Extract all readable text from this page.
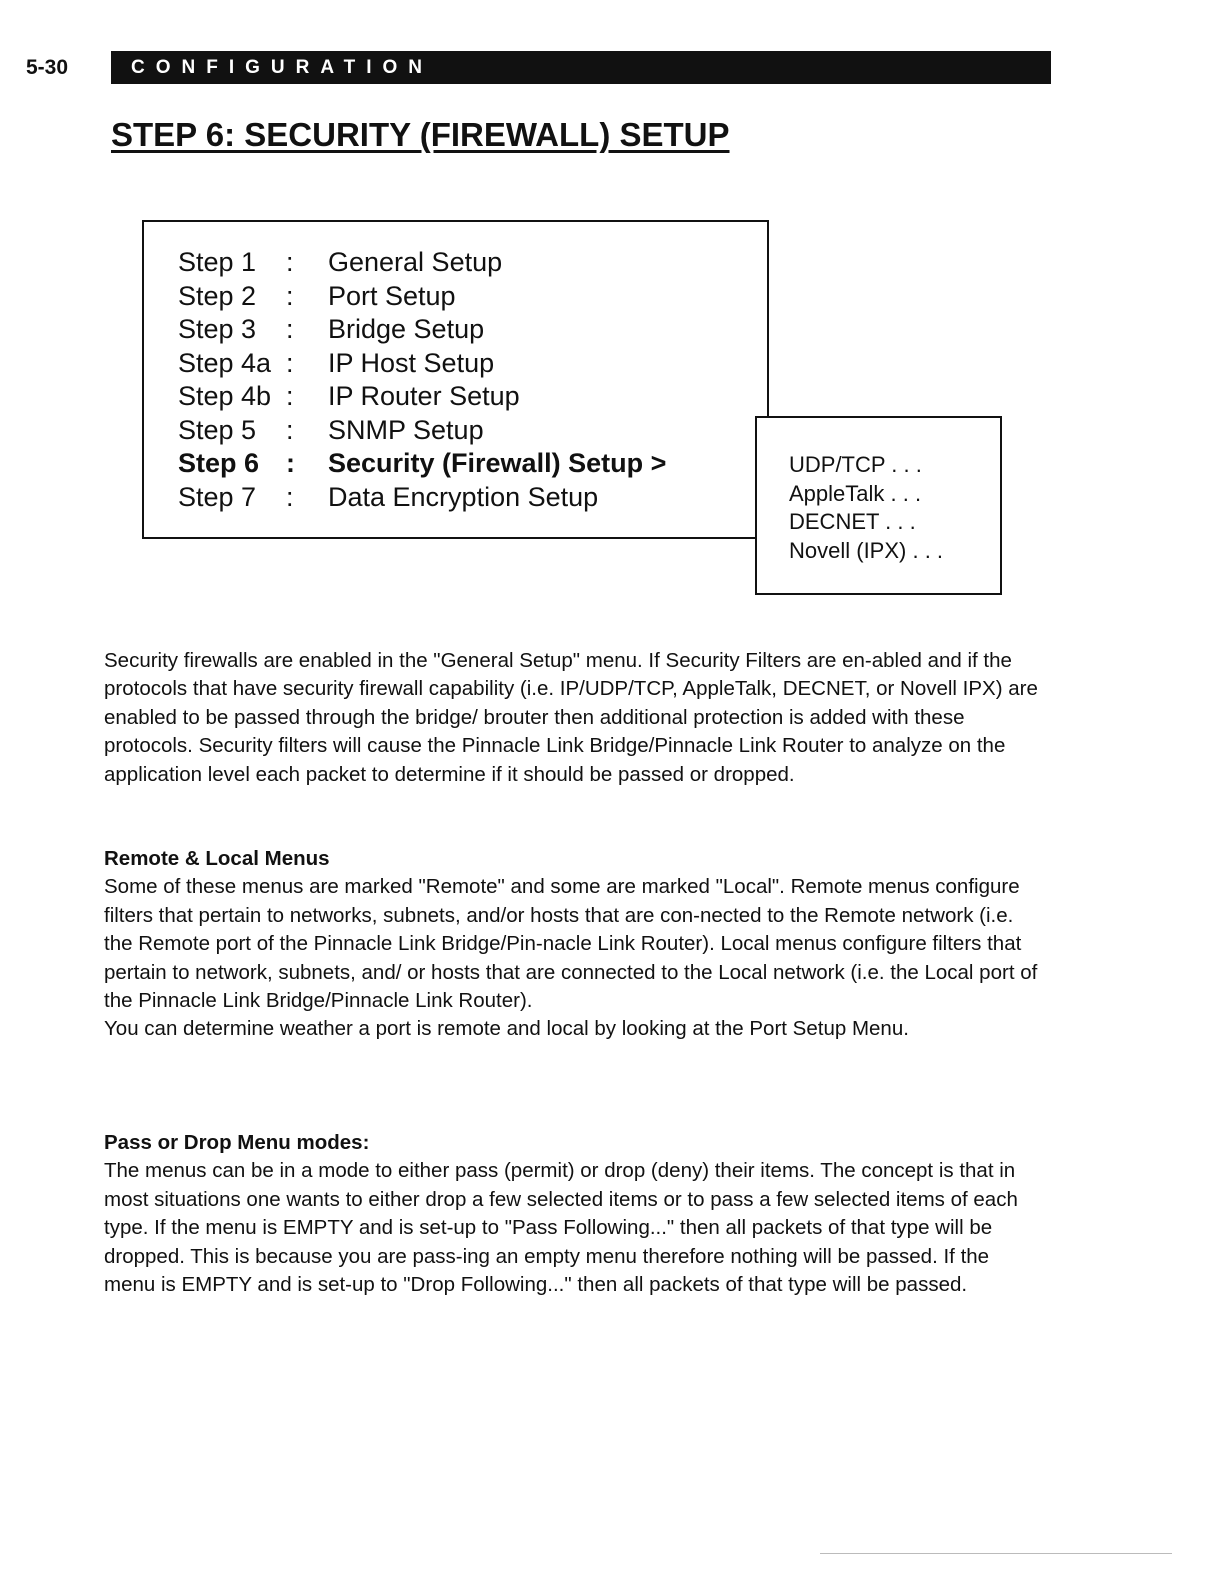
5-30	CONFIGURATION
STEP 6: SECURITY (FIREWALL) SETUP
Step 1	: General Setup
Step 2	: Port Setup
Step 3	: Bridge Setup
Step 4a : IP Host Setup
Step 4b : IP Router Setup
Step 5	: SNMP Setup
Step 6 : Security (Firewall) Setup >
Step 7	: Data Encryption Setup
UDP/TCP . . .
AppleTalk . . .
DECNET . . .
Novell (IPX) . . .

Security firewalls are enabled in the "General Setup" menu. If Security Filters are en-abled and if the protocols that have security firewall capability (i.e. IP/UDP/TCP, AppleTalk, DECNET, or Novell IPX) are enabled to be passed through the bridge/ brouter then additional protection is added with these protocols. Security filters will cause the Pinnacle Link Bridge/Pinnacle Link Router to analyze on the application level each packet to determine if it should be passed or dropped.

Remote & Local Menus
Some of these menus are marked "Remote" and some are marked "Local". Remote menus configure filters that pertain to networks, subnets, and/or hosts that are con-nected to the Remote network (i.e. the Remote port of the Pinnacle Link Bridge/Pin-nacle Link Router). Local menus configure filters that pertain to network, subnets, and/ or hosts that are connected to the Local network (i.e. the Local port of the Pinnacle Link Bridge/Pinnacle Link Router).
You can determine weather a port is remote and local by looking at the Port Setup Menu.
Pass or Drop Menu modes:
The menus can be in a mode to either pass (permit) or drop (deny) their items. The concept is that in most situations one wants to either drop a few selected items or to pass a few selected items of each type. If the menu is EMPTY and is set-up to "Pass Following..." then all packets of that type will be dropped. This is because you are pass-ing an empty menu therefore nothing will be passed. If the menu is EMPTY and is set-up to "Drop Following..." then all packets of that type will be passed.
